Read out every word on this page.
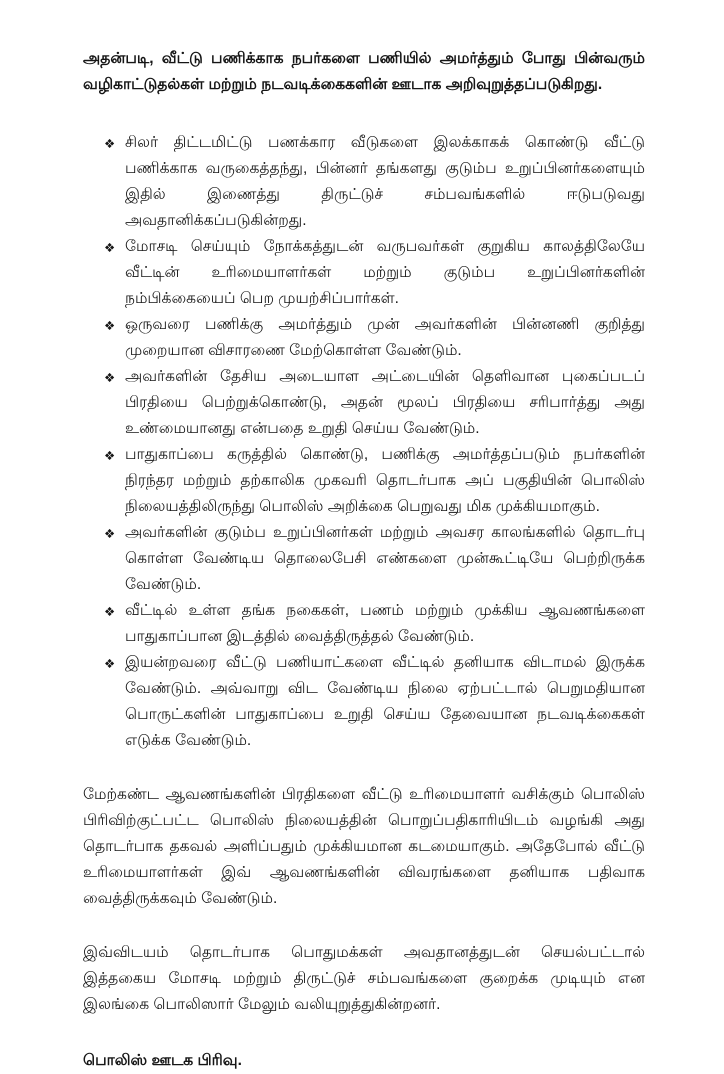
அதன்படி, வீட்டு பணிக்காக நபர்களை பணியில் அமர்த்தும் போது பின்வரும் வழிகாட்டுதல்கள் மற்றும் நடவடிக்கைகளின் ஊடாக அறிவுறுத்தப்படுகிறது.

❖ சிலர் திட்டமிட்டு பணக்கார வீடுகளை இலக்காகக் கொண்டு வீட்டு பணிக்காக வருகைத்தந்து, பின்னர் தங்களது குடும்ப உறுப்பினர்களையும் இதில் இணைத்து திருட்டுச் சம்பவங்களில் ஈடுபடுவது அவதானிக்கப்படுகின்றது.
❖ மோசடி செய்யும் நோக்கத்துடன் வருபவர்கள் குறுகிய காலத்திலேயே வீட்டின் உரிமையாளர்கள் மற்றும் குடும்ப உறுப்பினர்களின் நம்பிக்கையைப் பெற முயற்சிப்பார்கள்.
❖ ஒருவரை பணிக்கு அமர்த்தும் முன் அவர்களின் பின்னணி குறித்து முறையான விசாரணை மேற்கொள்ள வேண்டும்.
❖ அவர்களின் தேசிய அடையாள அட்டையின் தெளிவான புகைப்படப் பிரதியை பெற்றுக்கொண்டு, அதன் மூலப் பிரதியை சரிபார்த்து அது உண்மையானது என்பதை உறுதி செய்ய வேண்டும்.
❖ பாதுகாப்பை கருத்தில் கொண்டு, பணிக்கு அமர்த்தப்படும் நபர்களின் நிரந்தர மற்றும் தற்காலிக முகவரி தொடர்பாக அப் பகுதியின் பொலிஸ் நிலையத்திலிருந்து பொலிஸ் அறிக்கை பெறுவது மிக முக்கியமாகும்.
❖ அவர்களின் குடும்ப உறுப்பினர்கள் மற்றும் அவசர காலங்களில் தொடர்பு கொள்ள வேண்டிய தொலைபேசி எண்களை முன்கூட்டியே பெற்றிருக்க வேண்டும்.
❖ வீட்டில் உள்ள தங்க நகைகள், பணம் மற்றும் முக்கிய ஆவணங்களை பாதுகாப்பான இடத்தில் வைத்திருத்தல் வேண்டும்.
❖ இயன்றவரை வீட்டு பணியாட்களை வீட்டில் தனியாக விடாமல் இருக்க வேண்டும். அவ்வாறு விட வேண்டிய நிலை ஏற்பட்டால் பெறுமதியான பொருட்களின் பாதுகாப்பை உறுதி செய்ய தேவையான நடவடிக்கைகள் எடுக்க வேண்டும்.

மேற்கண்ட ஆவணங்களின் பிரதிகளை வீட்டு உரிமையாளர் வசிக்கும் பொலிஸ் பிரிவிற்குட்பட்ட பொலிஸ் நிலையத்தின் பொறுப்பதிகாரியிடம் வழங்கி அது தொடர்பாக தகவல் அளிப்பதும் முக்கியமான கடமையாகும். அதேபோல் வீட்டு உரிமையாளர்கள் இவ் ஆவணங்களின் விவரங்களை தனியாக பதிவாக வைத்திருக்கவும் வேண்டும்.

இவ்விடயம் தொடர்பாக பொதுமக்கள் அவதானத்துடன் செயல்பட்டால் இத்தகைய மோசடி மற்றும் திருட்டுச் சம்பவங்களை குறைக்க முடியும் என இலங்கை பொலிஸார் மேலும் வலியுறுத்துகின்றனர்.

பொலிஸ் ஊடக பிரிவு.
